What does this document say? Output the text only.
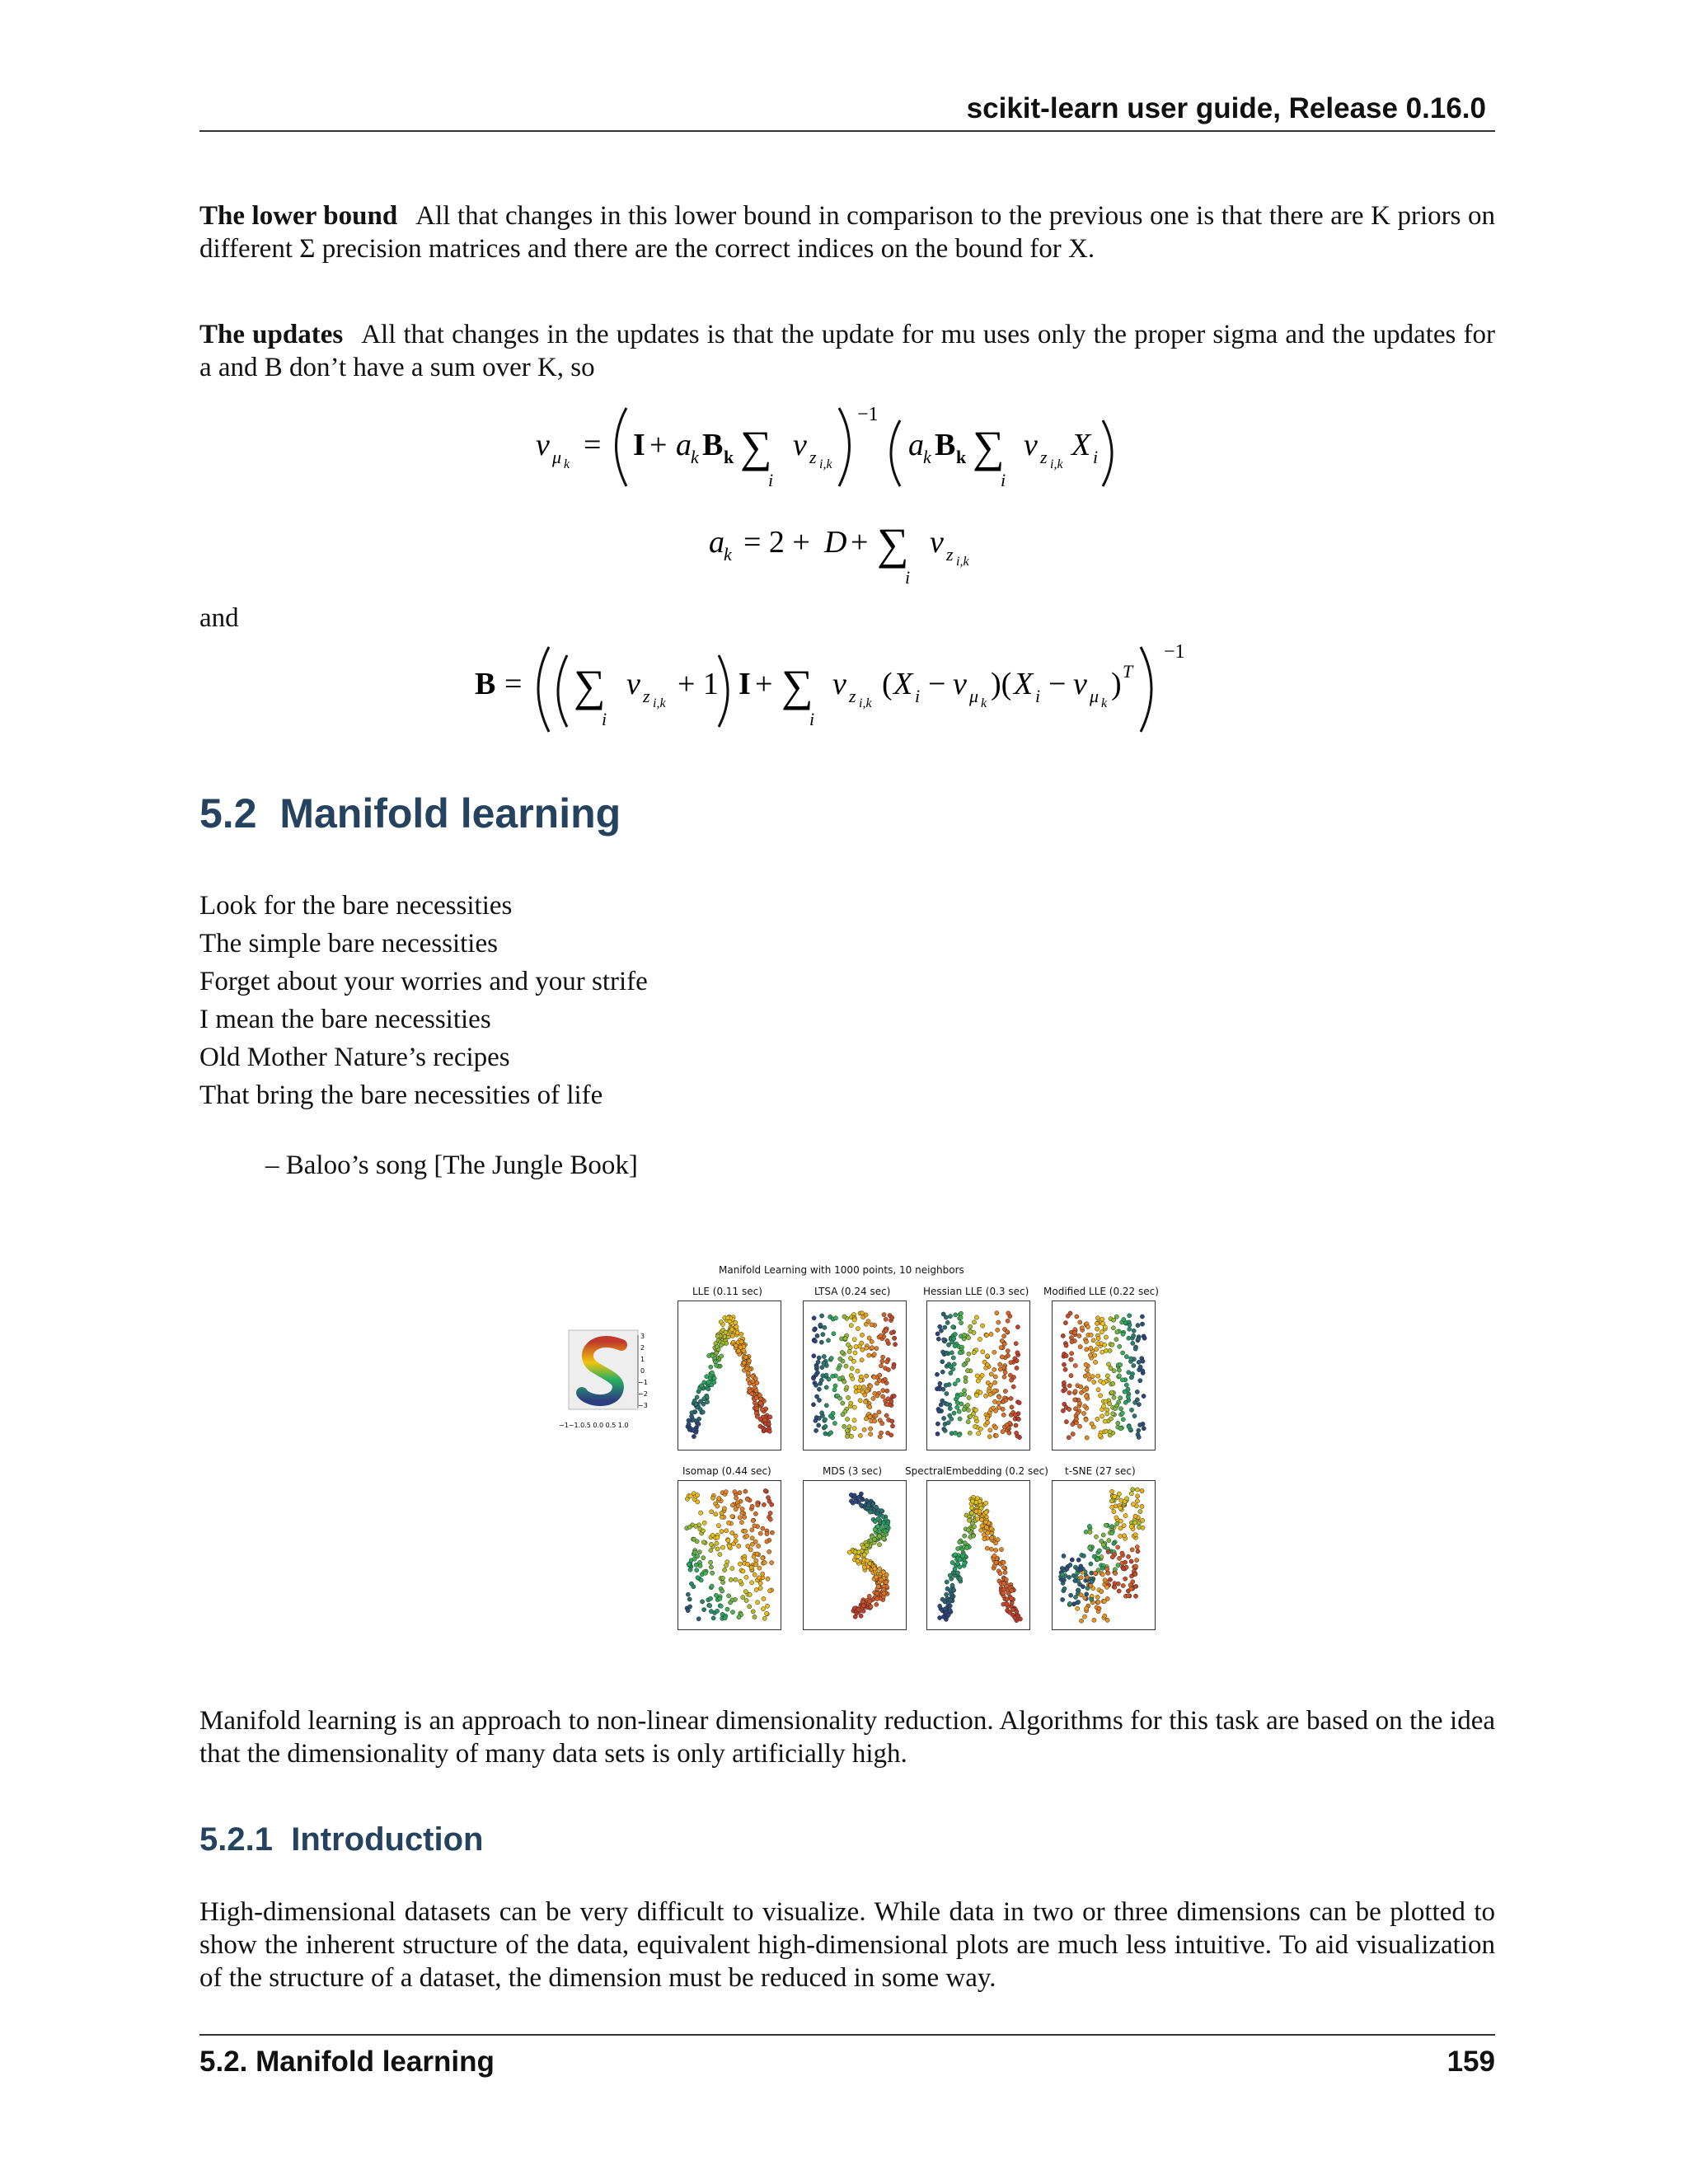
scikit-learn user guide, Release 0.16.0
The lower bound All that changes in this lower bound in comparison to the previous one is that there are K priors on different Σ precision matrices and there are the correct indices on the bound for X.
The updates All that changes in the updates is that the update for mu uses only the proper sigma and the updates for a and B don’t have a sum over K, so
ν μ k
= I + a k B k ∑
i
ν z i,k
−1
a k B k ∑
i
ν z i,k
X i
a k = 2 + D + ∑
i
ν z i,k
and
B = ∑
i
ν z i,k
+ 1 I + ∑
i
ν z i,k
( X i − ν μ k
)( X i − ν μ k
) T
−1
5.2 Manifold learning
Look for the bare necessities
The simple bare necessities
Forget about your worries and your strife
I mean the bare necessities
Old Mother Nature’s recipes
That bring the bare necessities of life
– Baloo’s song [The Jungle Book]
Manifold Learning with 1000 points, 10 neighbors
3
2
1
0
−1
−2
−3
−1−1.0.5 0.0 0.5 1.0
LLE (0.11 sec)	LTSA (0.24 sec)	Hessian LLE (0.3 sec) Modified LLE (0.22 sec)
Isomap (0.44 sec)	MDS (3 sec) SpectralEmbedding (0.2 sec) t-SNE (27 sec)
Manifold learning is an approach to non-linear dimensionality reduction. Algorithms for this task are based on the idea that the dimensionality of many data sets is only artificially high.
5.2.1 Introduction
High-dimensional datasets can be very difficult to visualize. While data in two or three dimensions can be plotted to show the inherent structure of the data, equivalent high-dimensional plots are much less intuitive. To aid visualization of the structure of a dataset, the dimension must be reduced in some way.
5.2. Manifold learning	159
